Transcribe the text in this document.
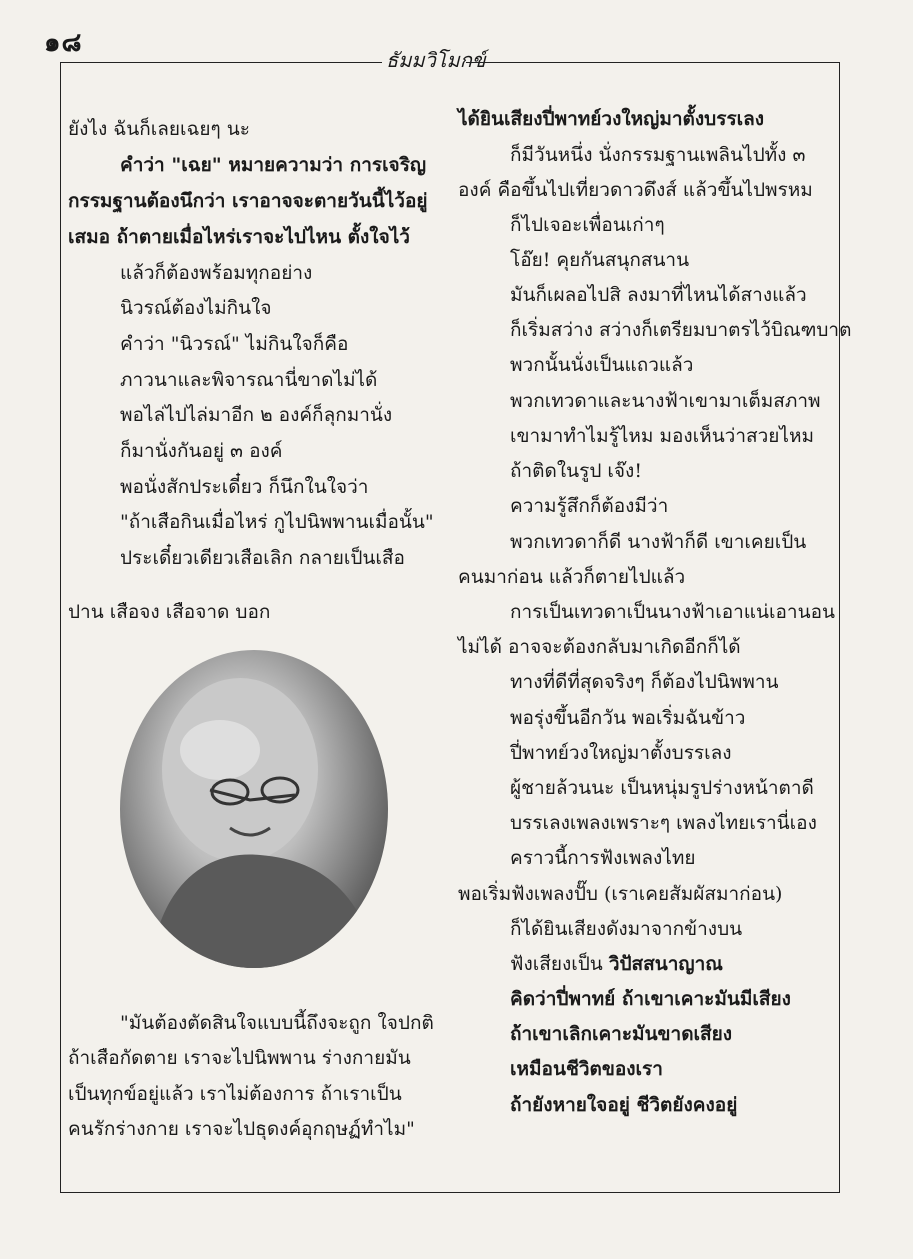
๑๘
ธัมมวิโมกข์
ยังไง ฉันก็เลยเฉยๆ นะ
คำว่า "เฉย" หมายความว่า การเจริญ
กรรมฐานต้องนึกว่า เราอาจจะตายวันนี้ไว้อยู่
เสมอ ถ้าตายเมื่อไหร่เราจะไปไหน ตั้งใจไว้
แล้วก็ต้องพร้อมทุกอย่าง
นิวรณ์ต้องไม่กินใจ
คำว่า "นิวรณ์" ไม่กินใจก็คือ
ภาวนาและพิจารณานี่ขาดไม่ได้
พอไล่ไปไล่มาอีก ๒ องค์ก็ลุกมานั่ง
ก็มานั่งกันอยู่ ๓ องค์
พอนั่งสักประเดี๋ยว ก็นึกในใจว่า
"ถ้าเสือกินเมื่อไหร่ กูไปนิพพานเมื่อนั้น"
ประเดี๋ยวเดียวเสือเลิก กลายเป็นเสือ
ปาน เสือจง เสือจาด บอก
ได้ยินเสียงปี่พาทย์วงใหญ่มาตั้งบรรเลง
ก็มีวันหนึ่ง นั่งกรรมฐานเพลินไปทั้ง ๓
องค์ คือขึ้นไปเที่ยวดาวดึงส์ แล้วขึ้นไปพรหม
ก็ไปเจอะเพื่อนเก่าๆ
โอ๊ย! คุยกันสนุกสนาน
มันก็เผลอไปสิ ลงมาที่ไหนได้สางแล้ว
ก็เริ่มสว่าง สว่างก็เตรียมบาตรไว้บิณฑบาต
พวกนั้นนั่งเป็นแถวแล้ว
พวกเทวดาและนางฟ้าเขามาเต็มสภาพ
เขามาทำไมรู้ไหม มองเห็นว่าสวยไหม
ถ้าติดในรูป เจ๊ง!
ความรู้สึกก็ต้องมีว่า
พวกเทวดาก็ดี นางฟ้าก็ดี เขาเคยเป็น
คนมาก่อน แล้วก็ตายไปแล้ว
การเป็นเทวดาเป็นนางฟ้าเอาแน่เอานอน
ไม่ได้ อาจจะต้องกลับมาเกิดอีกก็ได้
ทางที่ดีที่สุดจริงๆ ก็ต้องไปนิพพาน
พอรุ่งขึ้นอีกวัน พอเริ่มฉันข้าว
ปี่พาทย์วงใหญ่มาตั้งบรรเลง
ผู้ชายล้วนนะ เป็นหนุ่มรูปร่างหน้าตาดี
บรรเลงเพลงเพราะๆ เพลงไทยเรานี่เอง
คราวนี้การฟังเพลงไทย
พอเริ่มฟังเพลงปั๊บ (เราเคยสัมผัสมาก่อน)
ก็ได้ยินเสียงดังมาจากข้างบน
ฟังเสียงเป็น วิปัสสนาญาณ
คิดว่าปี่พาทย์ ถ้าเขาเคาะมันมีเสียง
ถ้าเขาเลิกเคาะมันขาดเสียง
เหมือนชีวิตของเรา
ถ้ายังหายใจอยู่ ชีวิตยังคงอยู่
"มันต้องตัดสินใจแบบนี้ถึงจะถูก ใจปกติ
ถ้าเสือกัดตาย เราจะไปนิพพาน ร่างกายมัน
เป็นทุกข์อยู่แล้ว เราไม่ต้องการ ถ้าเราเป็น
คนรักร่างกาย เราจะไปธุดงค์อุกฤษฏ์ทำไม"
